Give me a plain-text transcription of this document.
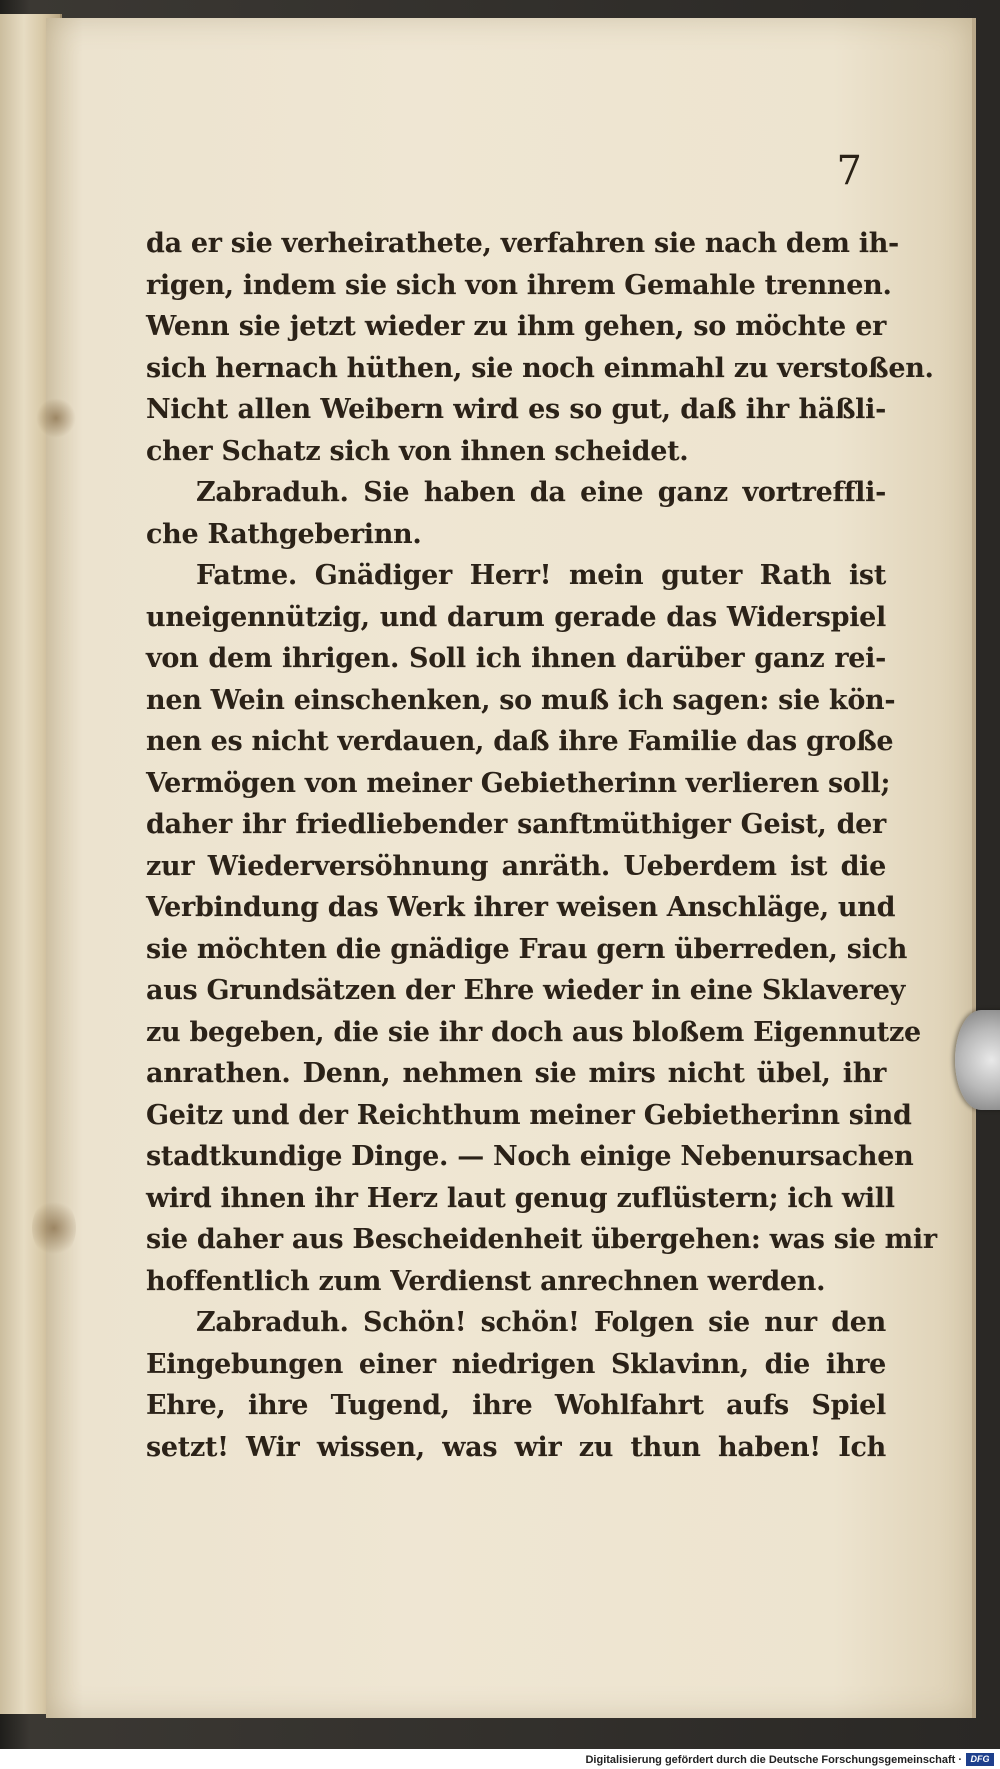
7
da er sie verheirathete, verfahren sie nach dem ih-
rigen, indem sie sich von ihrem Gemahle trennen.
Wenn sie jetzt wieder zu ihm gehen, so möchte er
sich hernach hüthen, sie noch einmahl zu verstoßen.
Nicht allen Weibern wird es so gut, daß ihr häßli-
cher Schatz sich von ihnen scheidet.
Zabraduh. Sie haben da eine ganz vortreffli-
che Rathgeberinn.
Fatme. Gnädiger Herr! mein guter Rath ist
uneigennützig, und darum gerade das Widerspiel
von dem ihrigen. Soll ich ihnen darüber ganz rei-
nen Wein einschenken, so muß ich sagen: sie kön-
nen es nicht verdauen, daß ihre Familie das große
Vermögen von meiner Gebietherinn verlieren soll;
daher ihr friedliebender sanftmüthiger Geist, der
zur Wiederversöhnung anräth. Ueberdem ist die
Verbindung das Werk ihrer weisen Anschläge, und
sie möchten die gnädige Frau gern überreden, sich
aus Grundsätzen der Ehre wieder in eine Sklaverey
zu begeben, die sie ihr doch aus bloßem Eigennutze
anrathen. Denn, nehmen sie mirs nicht übel, ihr
Geitz und der Reichthum meiner Gebietherinn sind
stadtkundige Dinge. — Noch einige Nebenursachen
wird ihnen ihr Herz laut genug zuflüstern; ich will
sie daher aus Bescheidenheit übergehen: was sie mir
hoffentlich zum Verdienst anrechnen werden.
Zabraduh. Schön! schön! Folgen sie nur den
Eingebungen einer niedrigen Sklavinn, die ihre
Ehre, ihre Tugend, ihre Wohlfahrt aufs Spiel
setzt! Wir wissen, was wir zu thun haben! Ich
Digitalisierung gefördert durch die Deutsche Forschungsgemeinschaft · DFG
